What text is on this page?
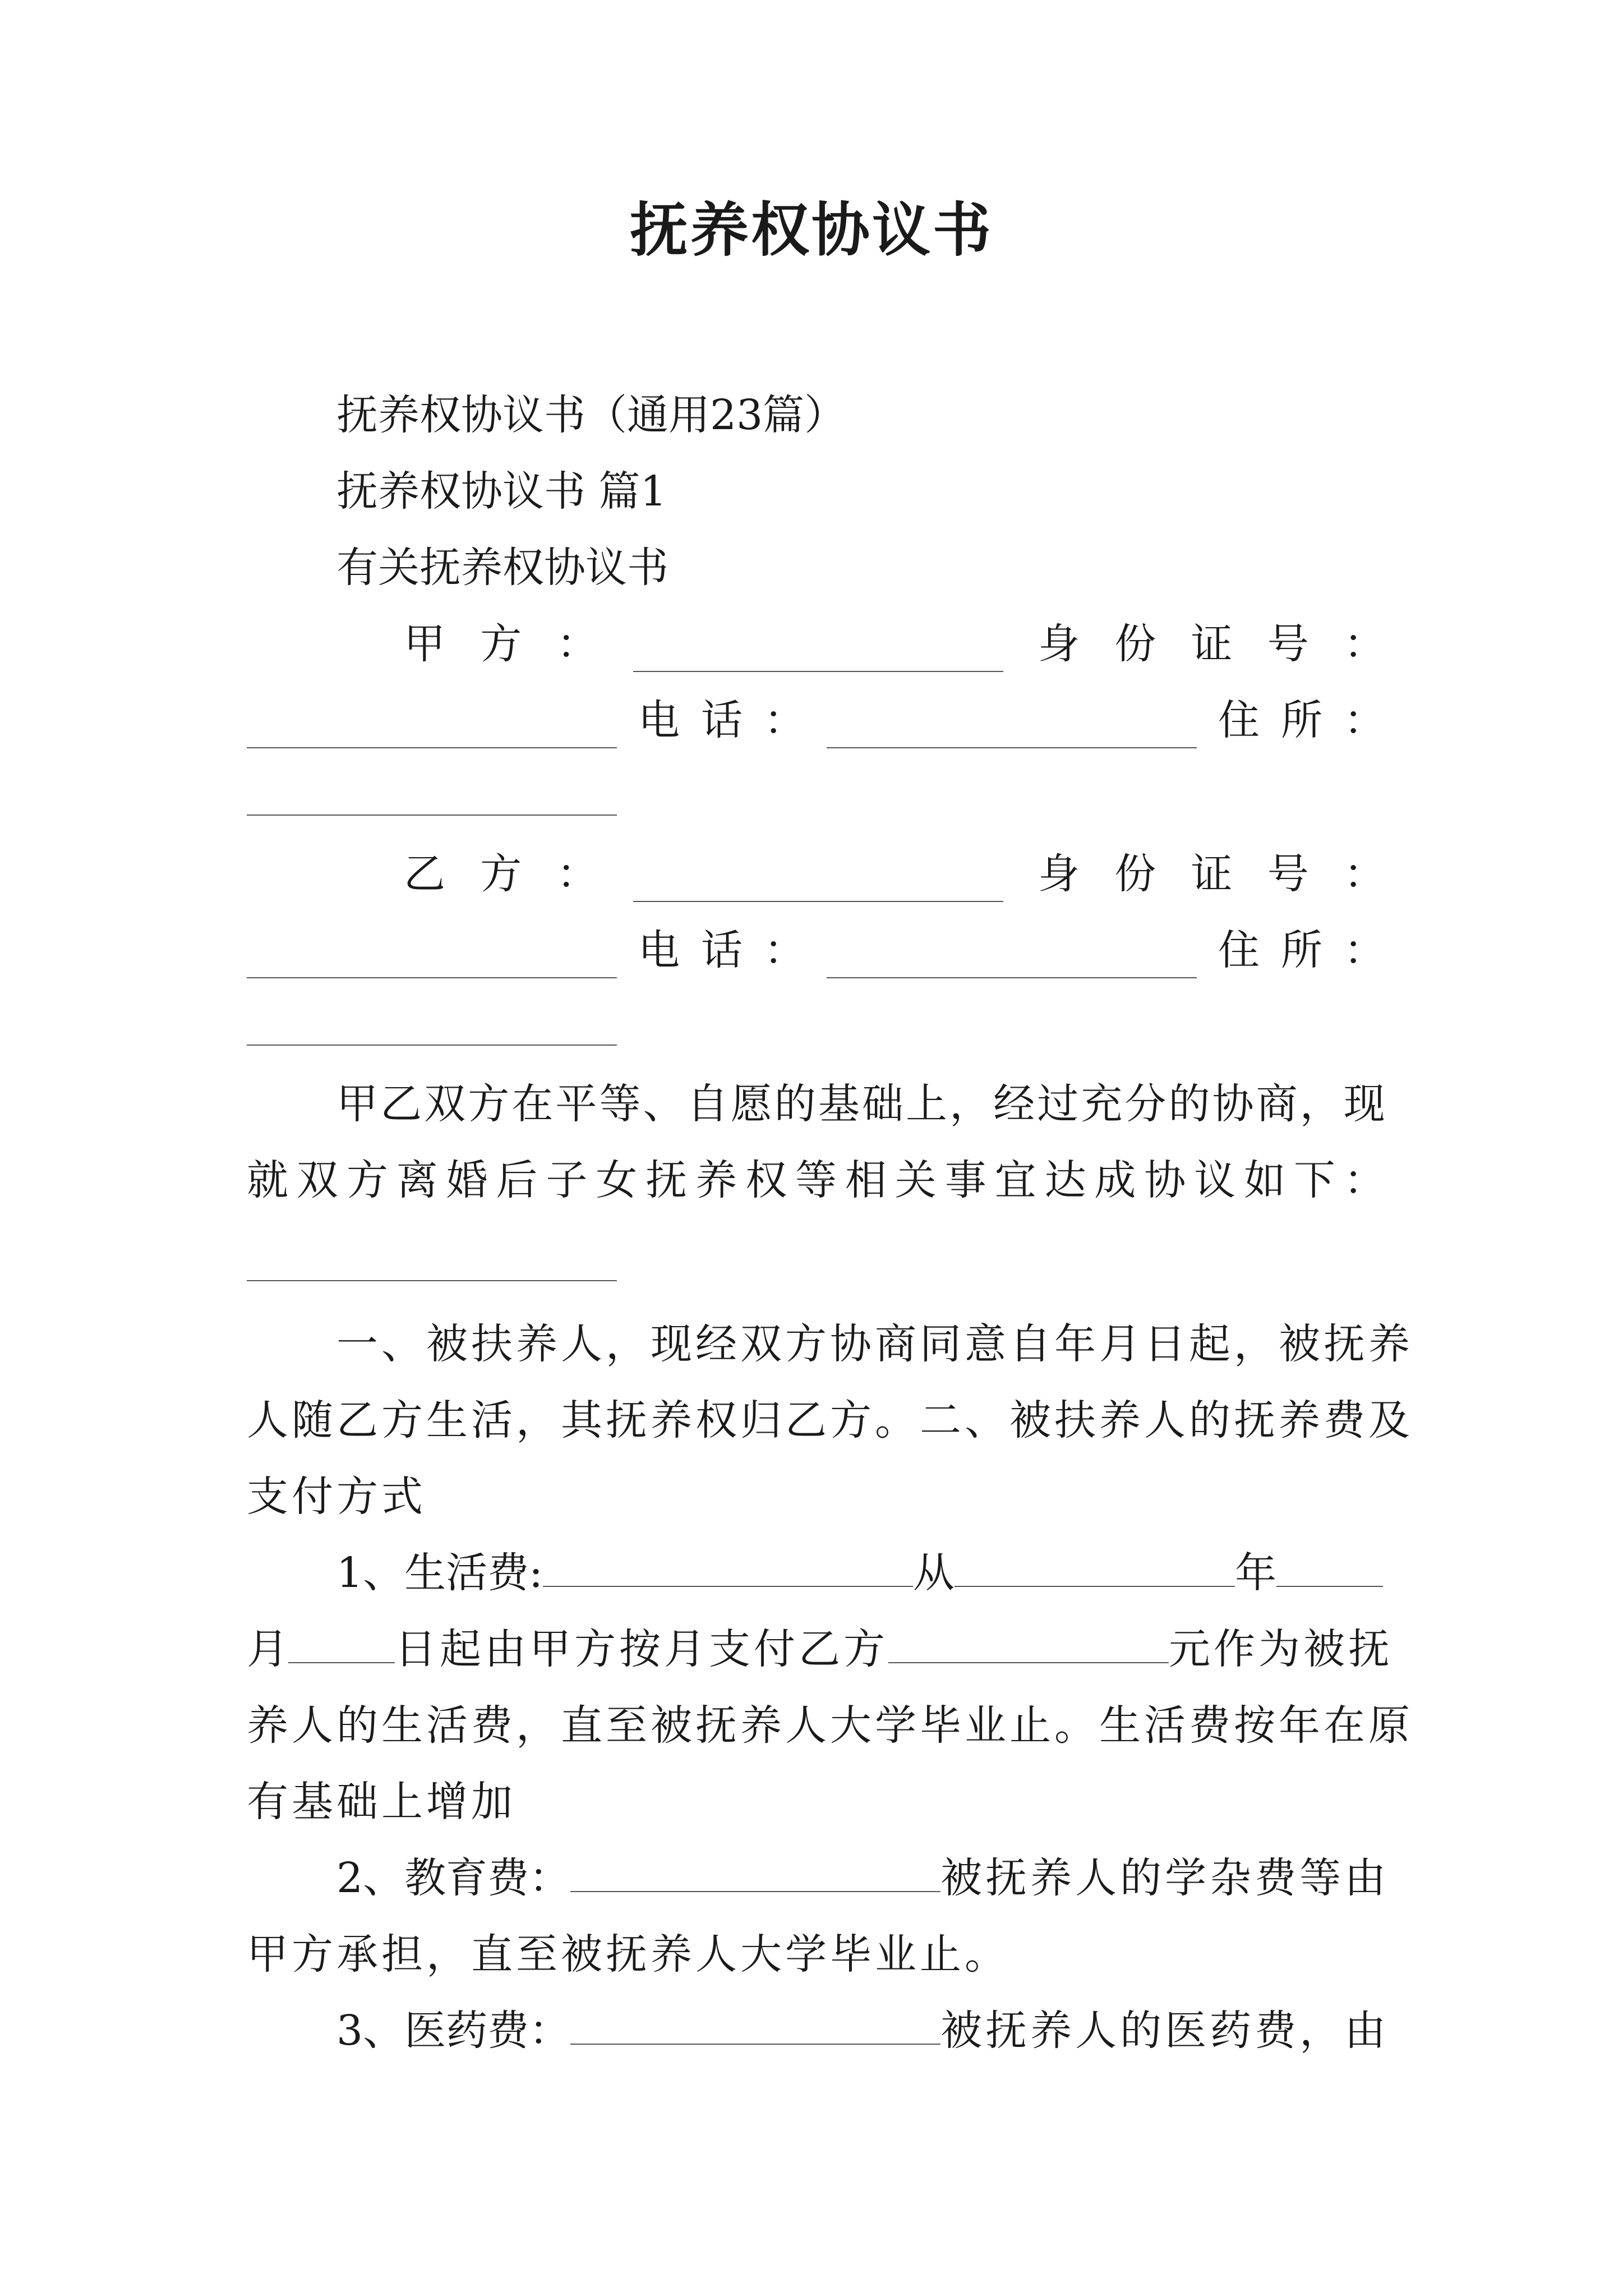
抚养权协议书
抚养权协议书（通用23篇）
抚养权协议书 篇1
有关抚养权协议书
甲 方 ：	身 份 证 号 ：
电 话 ：	住 所 ：
乙 方 ：	身 份 证 号 ：
电 话 ：	住 所 ：
甲 乙 双 方 在 平 等 、 自 愿 的 基 础 上 ， 经 过 充 分 的 协 商 ， 现
就 双 方 离 婚 后 子 女 抚 养 权 等 相 关 事 宜 达 成 协 议 如 下 ：
一、被扶养人，现经双方协商同意自年月日起，被抚养
人随乙方生活，其抚养权归乙方。二、被扶养人的抚养费及
支付方式
1、生活费:	从	年
月	日起由甲方按月支付乙方	元作为被抚
养人的生活费，直至被抚养人大学毕业止。生活费按年在原
有基础上增加
2、教育费：	被抚养人的学杂费等由
甲方承担，直至被抚养人大学毕业止。
3、医药费：	被抚养人的医药费，由
